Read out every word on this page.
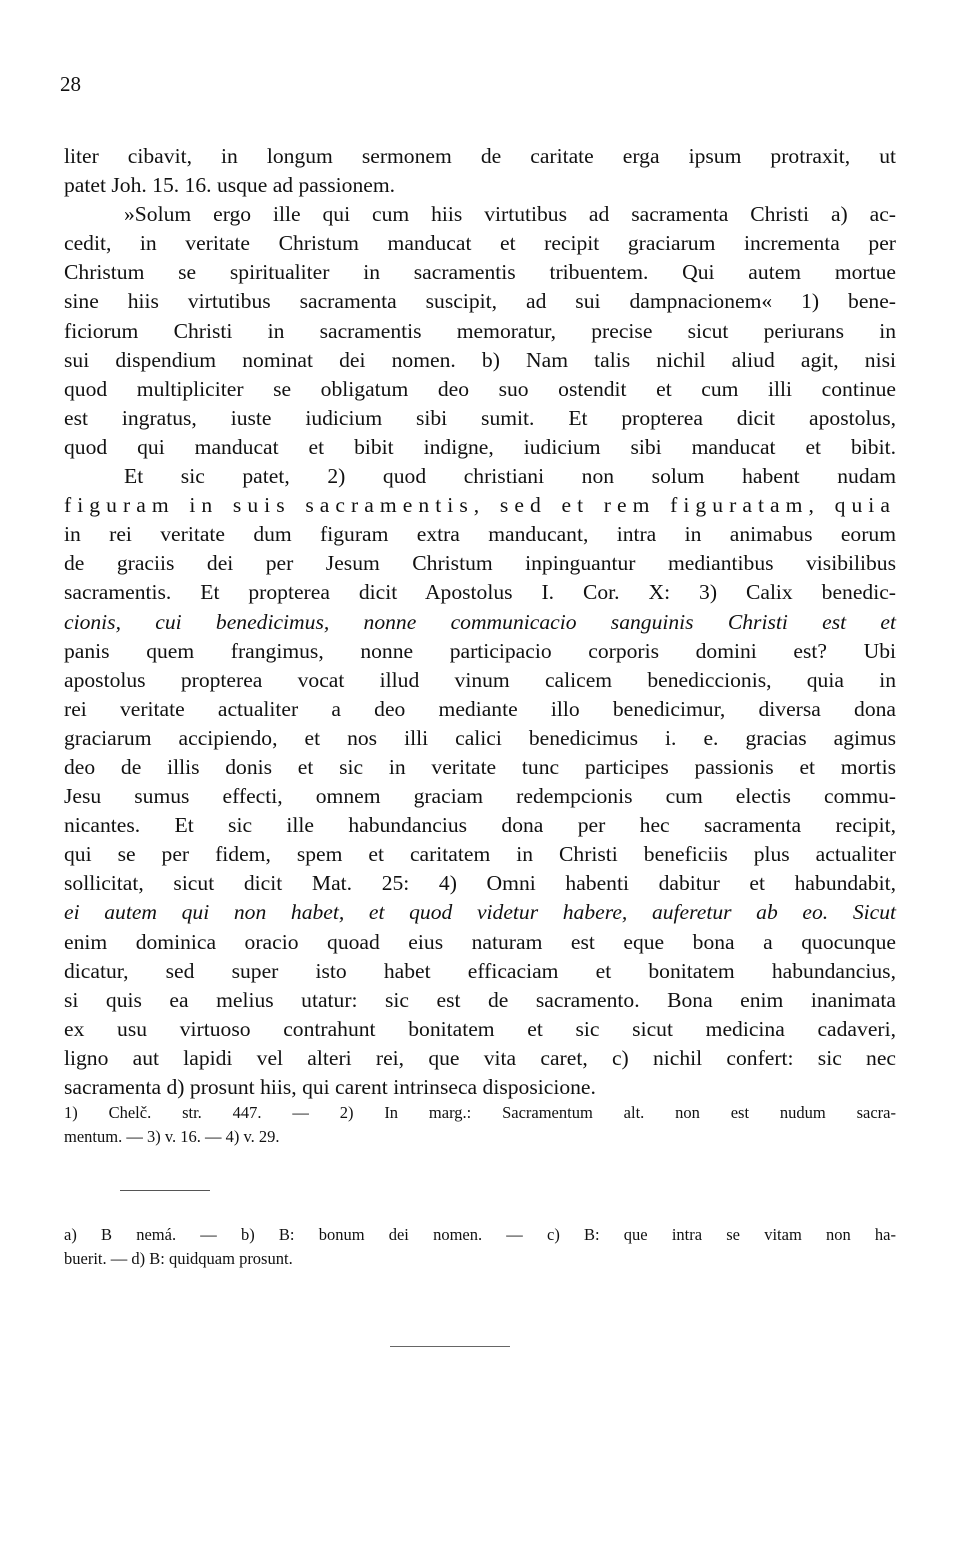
28
liter cibavit, in longum sermonem de caritate erga ipsum protraxit, ut
patet Joh. 15. 16. usque ad passionem.
»Solum ergo ille qui cum hiis virtutibus ad sacramenta Christi a) ac-
cedit, in veritate Christum manducat et recipit graciarum incrementa per
Christum se spiritualiter in sacramentis tribuentem. Qui autem mortue
sine hiis virtutibus sacramenta suscipit, ad sui dampnacionem« 1) bene-
ficiorum Christi in sacramentis memoratur, precise sicut periurans in
sui dispendium nominat dei nomen. b) Nam talis nichil aliud agit, nisi
quod multipliciter se obligatum deo suo ostendit et cum illi continue
est ingratus, iuste iudicium sibi sumit. Et propterea dicit apostolus,
quod qui manducat et bibit indigne, iudicium sibi manducat et bibit.
Et sic patet, 2) quod christiani non solum habent nudam
figuram in suis sacramentis, sed et rem figuratam, quia
in rei veritate dum figuram extra manducant, intra in animabus eorum
de graciis dei per Jesum Christum inpinguantur mediantibus visibilibus
sacramentis. Et propterea dicit Apostolus I. Cor. X: 3) Calix benedic-
cionis, cui benedicimus, nonne communicacio sanguinis Christi est et
panis quem frangimus, nonne participacio corporis domini est? Ubi
apostolus propterea vocat illud vinum calicem benediccionis, quia in
rei veritate actualiter a deo mediante illo benedicimur, diversa dona
graciarum accipiendo, et nos illi calici benedicimus i. e. gracias agimus
deo de illis donis et sic in veritate tunc participes passionis et mortis
Jesu sumus effecti, omnem graciam redempcionis cum electis commu-
nicantes. Et sic ille habundancius dona per hec sacramenta recipit,
qui se per fidem, spem et caritatem in Christi beneficiis plus actualiter
sollicitat, sicut dicit Mat. 25: 4) Omni habenti dabitur et habundabit,
ei autem qui non habet, et quod videtur habere, auferetur ab eo. Sicut
enim dominica oracio quoad eius naturam est eque bona a quocunque
dicatur, sed super isto habet efficaciam et bonitatem habundancius,
si quis ea melius utatur: sic est de sacramento. Bona enim inanimata
ex usu virtuoso contrahunt bonitatem et sic sicut medicina cadaveri,
ligno aut lapidi vel alteri rei, que vita caret, c) nichil confert: sic nec
sacramenta d) prosunt hiis, qui carent intrinseca disposicione.
1) Chelč. str. 447. — 2) In marg.: Sacramentum alt. non est nudum sacra-
mentum. — 3) v. 16. — 4) v. 29.
a) B nemá. — b) B: bonum dei nomen. — c) B: que intra se vitam non ha-
buerit. — d) B: quidquam prosunt.
